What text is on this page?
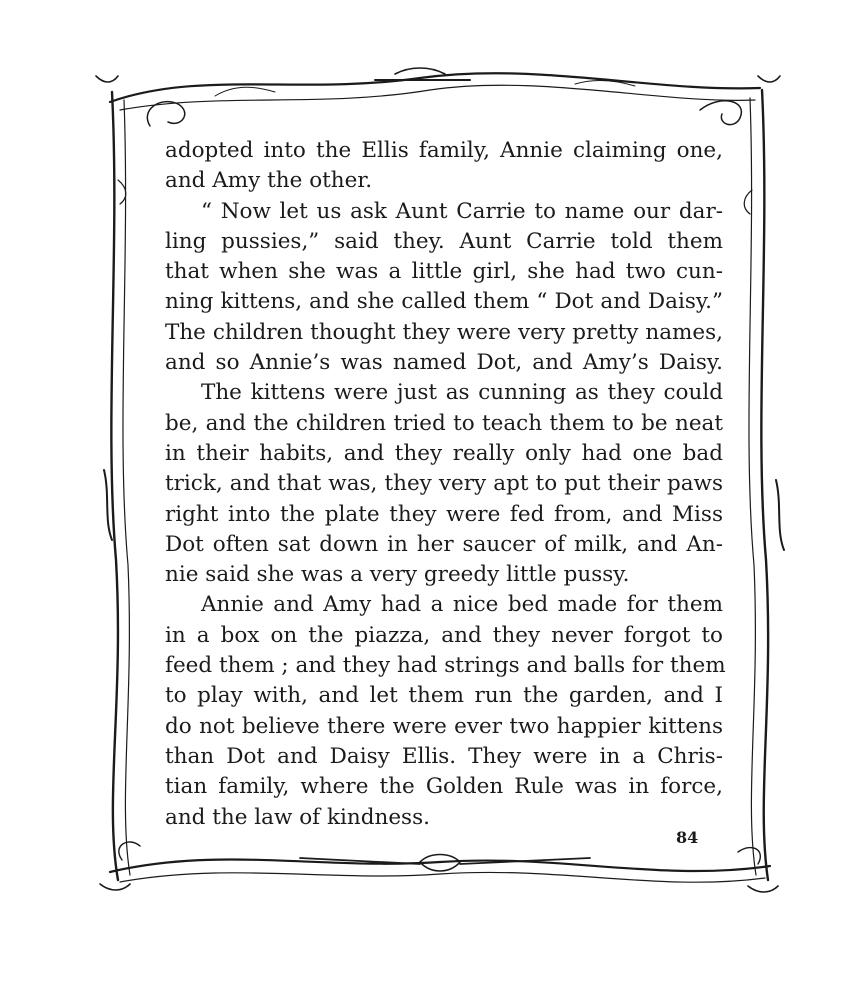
adopted into the Ellis family, Annie claiming one,
and Amy the other.
“ Now let us ask Aunt Carrie to name our dar-
ling pussies,” said they. Aunt Carrie told them
that when she was a little girl, she had two cun-
ning kittens, and she called them “ Dot and Daisy.”
The children thought they were very pretty names,
and so Annie’s was named Dot, and Amy’s Daisy.
The kittens were just as cunning as they could
be, and the children tried to teach them to be neat
in their habits, and they really only had one bad
trick, and that was, they very apt to put their paws
right into the plate they were fed from, and Miss
Dot often sat down in her saucer of milk, and An-
nie said she was a very greedy little pussy.
Annie and Amy had a nice bed made for them
in a box on the piazza, and they never forgot to
feed them ; and they had strings and balls for them
to play with, and let them run the garden, and I
do not believe there were ever two happier kittens
than Dot and Daisy Ellis. They were in a Chris-
tian family, where the Golden Rule was in force,
and the law of kindness.
84
